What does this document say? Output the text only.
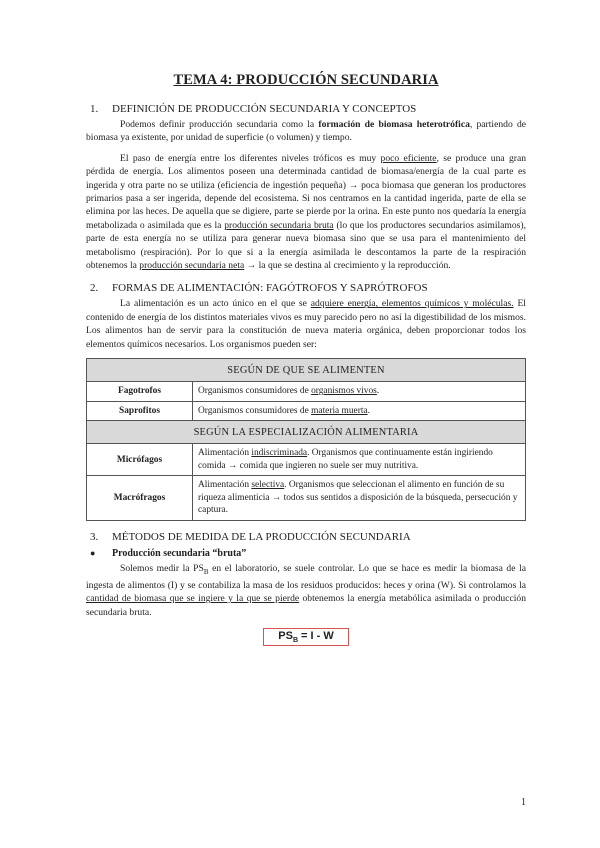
TEMA 4: PRODUCCIÓN SECUNDARIA
1. DEFINICIÓN DE PRODUCCIÓN SECUNDARIA Y CONCEPTOS

Podemos definir producción secundaria como la formación de biomasa heterotrófica, partiendo de biomasa ya existente, por unidad de superficie (o volumen) y tiempo.

El paso de energía entre los diferentes niveles tróficos es muy poco eficiente, se produce una gran pérdida de energía. Los alimentos poseen una determinada cantidad de biomasa/energía de la cual parte es ingerida y otra parte no se utiliza (eficiencia de ingestión pequeña) → poca biomasa que generan los productores primarios pasa a ser ingerida, depende del ecosistema. Si nos centramos en la cantidad ingerida, parte de ella se elimina por las heces. De aquella que se digiere, parte se pierde por la orina. En este punto nos quedaría la energía metabolizada o asimilada que es la producción secundaria bruta (lo que los productores secundarios asimilamos), parte de esta energía no se utiliza para generar nueva biomasa sino que se usa para el mantenimiento del metabolismo (respiración). Por lo que si a la energía asimilada le descontamos la parte de la respiración obtenemos la producción secundaria neta → la que se destina al crecimiento y la reproducción.

2. FORMAS DE ALIMENTACIÓN: FAGÓTROFOS Y SAPRÓTROFOS

La alimentación es un acto único en el que se adquiere energía, elementos químicos y moléculas. El contenido de energía de los distintos materiales vivos es muy parecido pero no así la digestibilidad de los mismos. Los alimentos han de servir para la constitución de nueva materia orgánica, deben proporcionar todos los elementos químicos necesarios. Los organismos pueden ser:

SEGÚN DE QUE SE ALIMENTEN	
Fagotrofos	Organismos consumidores de organismos vivos.
Saprofitos	Organismos consumidores de materia muerta.
SEGÚN LA ESPECIALIZACIÓN ALIMENTARIA	
Micrófagos	Alimentación indiscriminada. Organismos que continuamente están ingiriendo comida → comida que ingieren no suele ser muy nutritiva.
Macrófragos	Alimentación selectiva. Organismos que seleccionan el alimento en función de su riqueza alimenticia → todos sus sentidos a disposición de la búsqueda, persecución y captura.
3. MÉTODOS DE MEDIDA DE LA PRODUCCIÓN SECUNDARIA
● Producción secundaria “bruta”

Solemos medir la $PS_B$ en el laboratorio, se suele controlar. Lo que se hace es medir la biomasa de la ingesta de alimentos (I) y se contabiliza la masa de los residuos producidos: heces y orina (W). Si controlamos la cantidad de biomasa que se ingiere y la que se pierde obtenemos la energía metabólica asimilada o producción secundaria bruta.

$PS_B = I - W$
1
